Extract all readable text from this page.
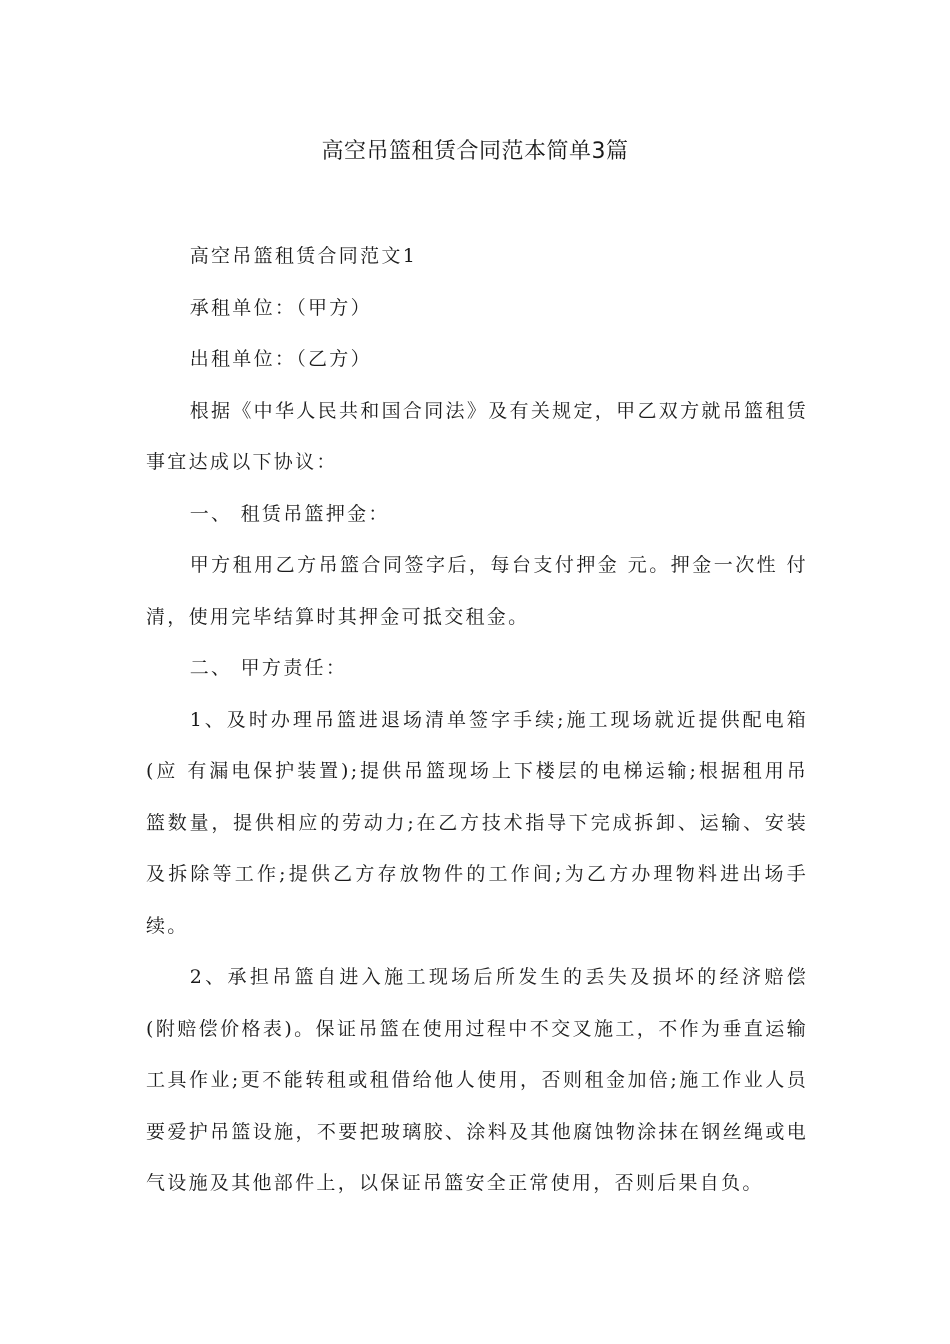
高空吊篮租赁合同范本简单3篇

高空吊篮租赁合同范文1

承租单位：（甲方）

出租单位：（乙方）

根据《中华人民共和国合同法》及有关规定，甲乙双方就吊篮租赁事宜达成以下协议：

一、 租赁吊篮押金：

甲方租用乙方吊篮合同签字后，每台支付押金 元。押金一次性 付清，使用完毕结算时其押金可抵交租金。

二、 甲方责任：

1、及时办理吊篮进退场清单签字手续;施工现场就近提供配电箱(应 有漏电保护装置);提供吊篮现场上下楼层的电梯运输;根据租用吊篮数量，提供相应的劳动力;在乙方技术指导下完成拆卸、运输、安装及拆除等工作;提供乙方存放物件的工作间;为乙方办理物料进出场手续。

2、承担吊篮自进入施工现场后所发生的丢失及损坏的经济赔偿(附赔偿价格表)。保证吊篮在使用过程中不交叉施工，不作为垂直运输工具作业;更不能转租或租借给他人使用，否则租金加倍;施工作业人员要爱护吊篮设施，不要把玻璃胶、涂料及其他腐蚀物涂抹在钢丝绳或电气设施及其他部件上，以保证吊篮安全正常使用，否则后果自负。
